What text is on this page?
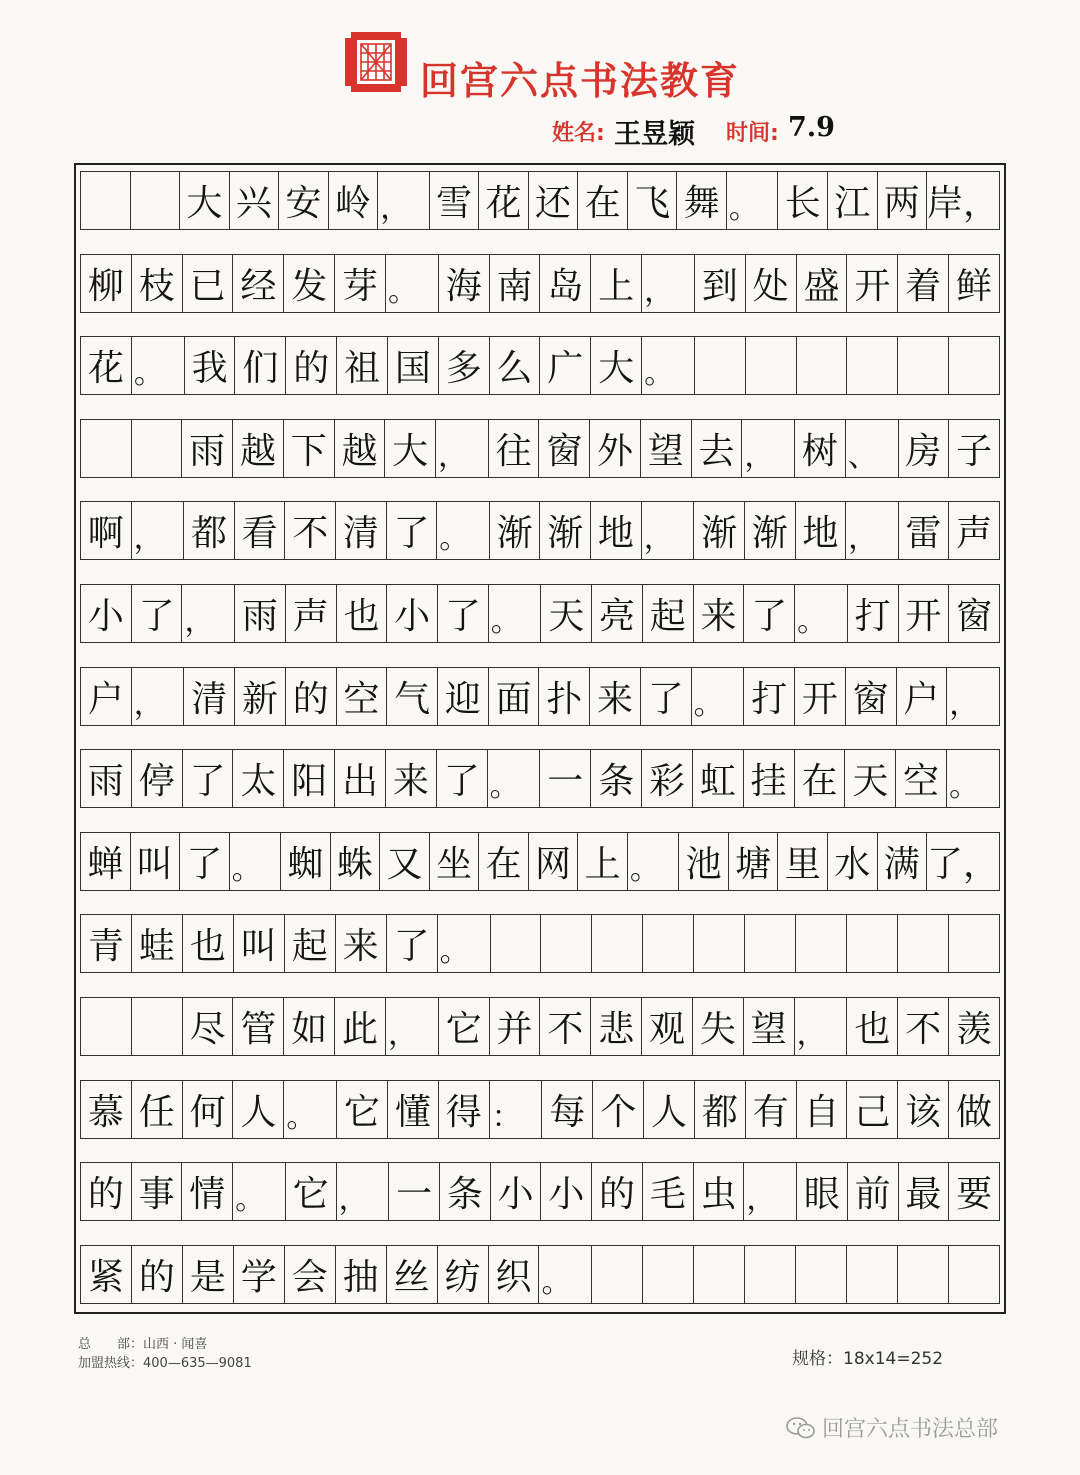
回宫六点书法教育
姓名: 王昱颖 时间: 7.9
大 兴 安 岭 ， 雪 花 还 在 飞 舞 。 长 江 两 岸，
柳 枝 已 经 发 芽 。 海 南 岛 上 ， 到 处 盛 开 着 鲜
花 。 我 们 的 祖 国 多 么 广 大 。
雨 越 下 越 大 ， 往 窗 外 望 去 ， 树 、 房 子
啊 ， 都 看 不 清 了 。 渐 渐 地 ， 渐 渐 地 ， 雷 声
小 了 ， 雨 声 也 小 了 。 天 亮 起 来 了 。 打 开 窗
户 ， 清 新 的 空 气 迎 面 扑 来 了 。 打 开 窗 户 ，
雨 停 了 太 阳 出 来 了 。 一 条 彩 虹 挂 在 天 空 。
蝉 叫 了 。 蜘 蛛 又 坐 在 网 上 。 池 塘 里 水 满 了，
青 蛙 也 叫 起 来 了 。
尽 管 如 此 ， 它 并 不 悲 观 失 望 ， 也 不 羡
慕 任 何 人 。 它 懂 得 ： 每 个 人 都 有 自 己 该 做
的 事 情 。 它 ， 一 条 小 小 的 毛 虫 ， 眼 前 最 要
紧 的 是 学 会 抽 丝 纺 织 。
总　　部：山西 · 闻喜
加盟热线：400—635—9081	规格：18x14=252
回宫六点书法总部
